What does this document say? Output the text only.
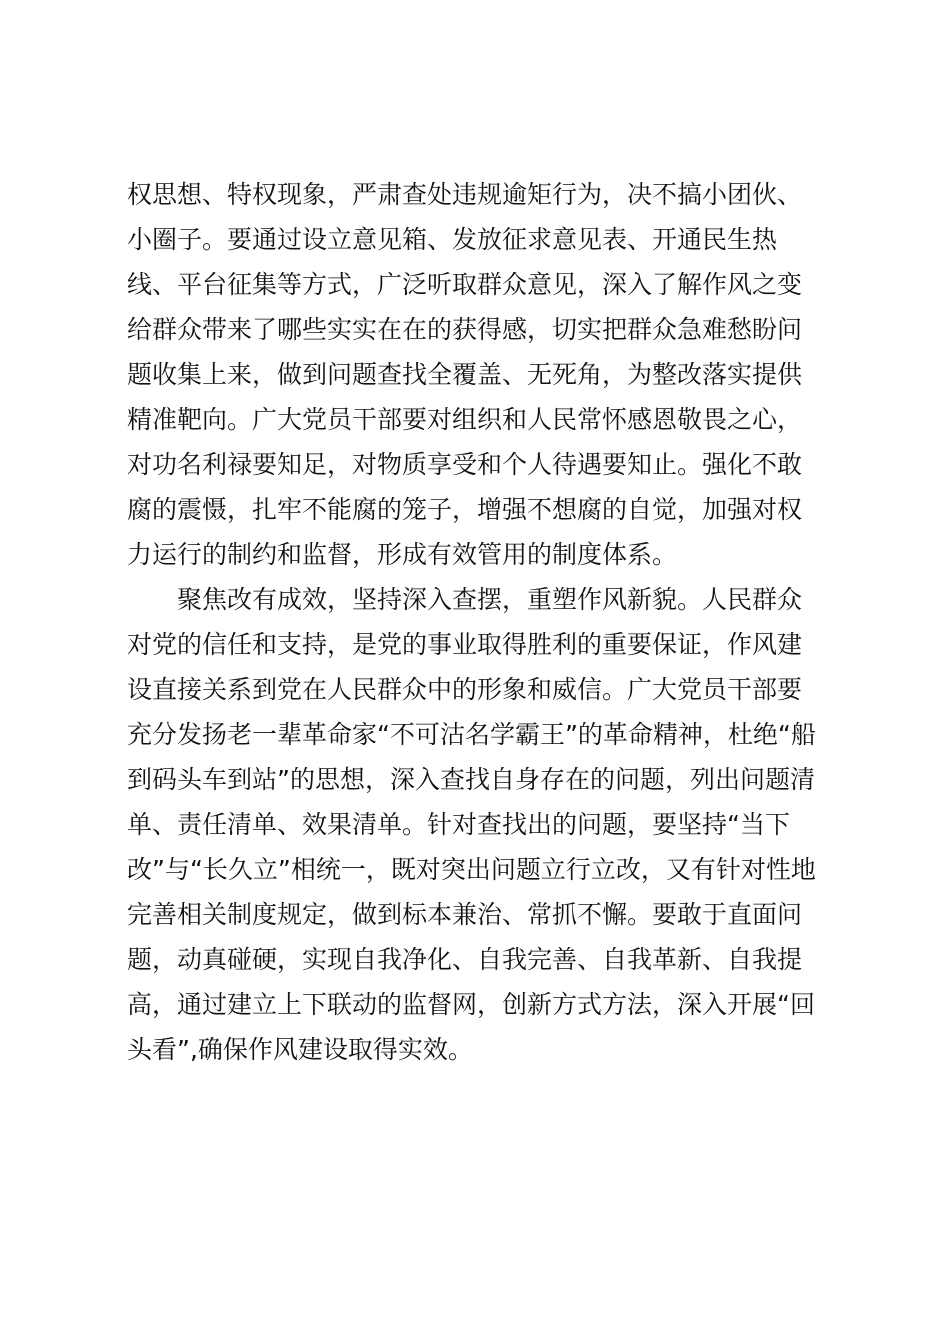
权思想、特权现象，严肃查处违规逾矩行为，决不搞小团伙、
小圈子。要通过设立意见箱、发放征求意见表、开通民生热
线、平台征集等方式，广泛听取群众意见，深入了解作风之变
给群众带来了哪些实实在在的获得感，切实把群众急难愁盼问
题收集上来，做到问题查找全覆盖、无死角，为整改落实提供
精准靶向。广大党员干部要对组织和人民常怀感恩敬畏之心，
对功名利禄要知足，对物质享受和个人待遇要知止。强化不敢
腐的震慑，扎牢不能腐的笼子，增强不想腐的自觉，加强对权
力运行的制约和监督，形成有效管用的制度体系。
聚焦改有成效，坚持深入查摆，重塑作风新貌。人民群众
对党的信任和支持，是党的事业取得胜利的重要保证，作风建
设直接关系到党在人民群众中的形象和威信。广大党员干部要
充分发扬老一辈革命家“不可沽名学霸王”的革命精神，杜绝“船
到码头车到站”的思想，深入查找自身存在的问题，列出问题清
单、责任清单、效果清单。针对查找出的问题，要坚持“当下
改”与“长久立”相统一，既对突出问题立行立改，又有针对性地
完善相关制度规定，做到标本兼治、常抓不懈。要敢于直面问
题，动真碰硬，实现自我净化、自我完善、自我革新、自我提
高，通过建立上下联动的监督网，创新方式方法，深入开展“回
头看”,确保作风建设取得实效。
